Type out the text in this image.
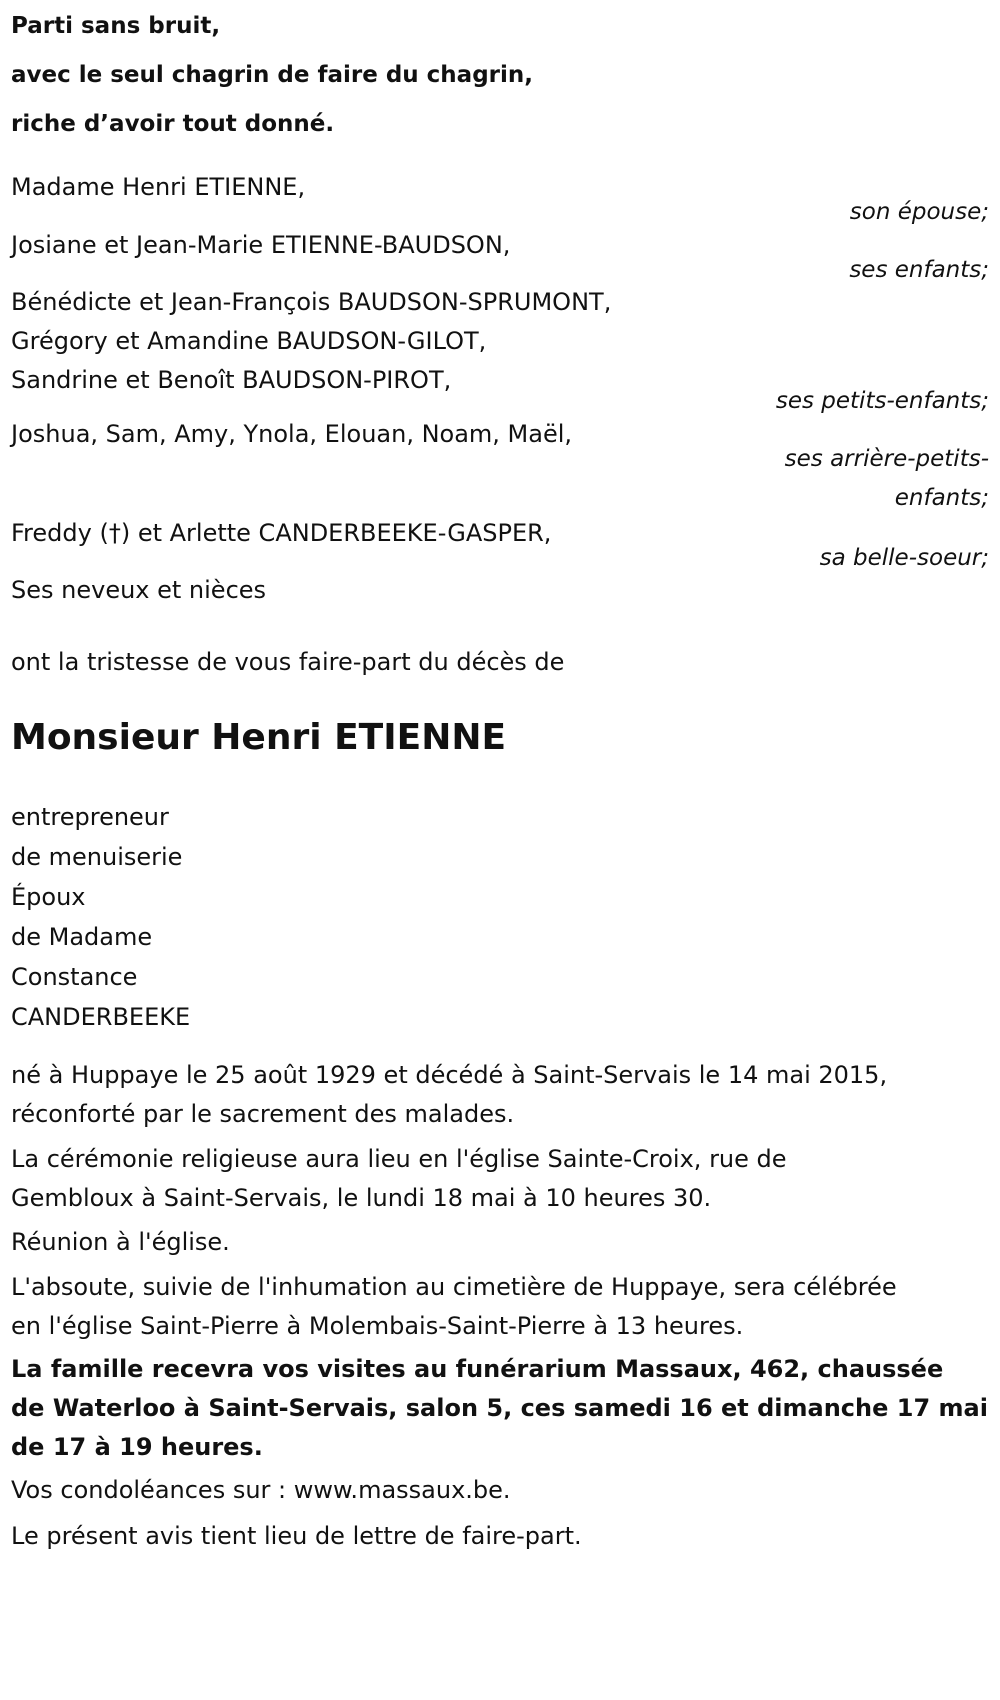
Parti sans bruit,
avec le seul chagrin de faire du chagrin,
riche d’avoir tout donné.
Madame Henri ETIENNE,
son épouse;
Josiane et Jean-Marie ETIENNE-BAUDSON,
ses enfants;
Bénédicte et Jean-François BAUDSON-SPRUMONT,
Grégory et Amandine BAUDSON-GILOT,
Sandrine et Benoît BAUDSON-PIROT,
ses petits-enfants;
Joshua, Sam, Amy, Ynola, Elouan, Noam, Maël,
ses arrière-petits-
enfants;
Freddy (†) et Arlette CANDERBEEKE-GASPER,
sa belle-soeur;
Ses neveux et nièces
ont la tristesse de vous faire-part du décès de
Monsieur Henri ETIENNE
entrepreneur
de menuiserie
Époux
de Madame
Constance
CANDERBEEKE
né à Huppaye le 25 août 1929 et décédé à Saint-Servais le 14 mai 2015,
réconforté par le sacrement des malades.
La cérémonie religieuse aura lieu en l'église Sainte-Croix, rue de
Gembloux à Saint-Servais, le lundi 18 mai à 10 heures 30.
Réunion à l'église.
L'absoute, suivie de l'inhumation au cimetière de Huppaye, sera célébrée
en l'église Saint-Pierre à Molembais-Saint-Pierre à 13 heures.
La famille recevra vos visites au funérarium Massaux, 462, chaussée
de Waterloo à Saint-Servais, salon 5, ces samedi 16 et dimanche 17 mai
de 17 à 19 heures.
Vos condoléances sur : www.massaux.be.
Le présent avis tient lieu de lettre de faire-part.
